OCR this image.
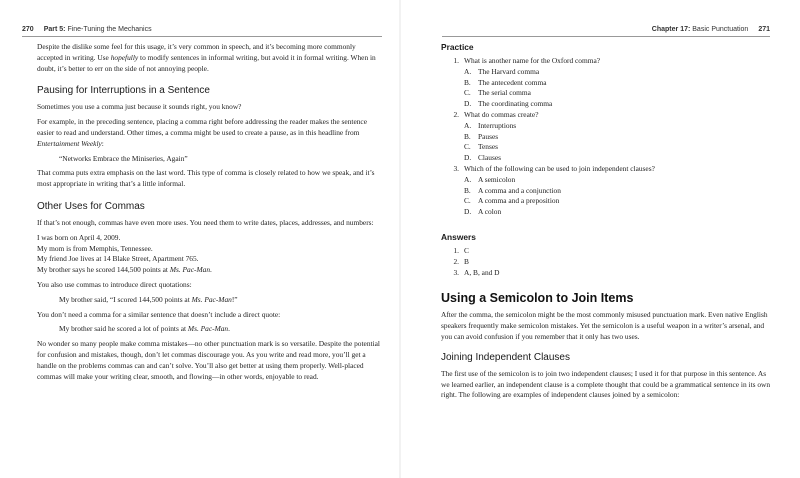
270 Part 5:
Fine-Tuning the Mechanics

Despite the dislike some feel for this usage, it’s very common in speech, and it’s becoming more commonly accepted in writing. Use hopefully to modify sentences in informal writing, but avoid it in formal writing. When in doubt, it’s better to err on the side of not annoying people.

Pausing for Interruptions in a Sentence

Sometimes you use a comma just because it sounds right, you know?

For example, in the preceding sentence, placing a comma right before addressing the reader makes the sentence easier to read and understand. Other times, a comma might be used to create a pause, as in this headline from Entertainment Weekly:

“Networks Embrace the Miniseries, Again”

That comma puts extra emphasis on the last word. This type of comma is closely related to how we speak, and it’s most appropriate in writing that’s a little informal.

Other Uses for Commas

If that’s not enough, commas have even more uses. You need them to write dates, places, addresses, and numbers:

I was born on April 4, 2009.

My mom is from Memphis, Tennessee.

My friend Joe lives at 14 Blake Street, Apartment 765.

My brother says he scored 144,500 points at Ms. Pac-Man.

You also use commas to introduce direct quotations:

My brother said, “I scored 144,500 points at Ms. Pac-Man!”

You don’t need a comma for a similar sentence that doesn’t include a direct quote:

My brother said he scored a lot of points at Ms. Pac-Man.

No wonder so many people make comma mistakes—no other punctuation mark is so versatile. Despite the potential for confusion and mistakes, though, don’t let commas discourage you. As you write and read more, you’ll get a handle on the problems commas can and can’t solve. You’ll also get better at using them properly. Well-placed commas will make your writing clear, smooth, and flowing—in other words, enjoyable to read.

Chapter 17:
Basic Punctuation 271
Practice
1. What is another name for the Oxford comma?
A. The Harvard comma
B. The antecedent comma
C. The serial comma
D. The coordinating comma
2. What do commas create?
A. Interruptions
B. Pauses
C. Tenses
D. Clauses
3. Which of the following can be used to join independent clauses?
A. A semicolon
B. A comma and a conjunction
C. A comma and a preposition
D. A colon
Answers
1. C
2. B
3. A, B, and D
Using a Semicolon to Join Items

After the comma, the semicolon might be the most commonly misused punctuation mark. Even native English speakers frequently make semicolon mistakes. Yet the semicolon is a useful weapon in a writer’s arsenal, and you can avoid confusion if you remember that it only has two uses.

Joining Independent Clauses

The first use of the semicolon is to join two independent clauses; I used it for that purpose in this sentence. As we learned earlier, an independent clause is a complete thought that could be a grammatical sentence in its own right. The following are examples of independent clauses joined by a semicolon:
